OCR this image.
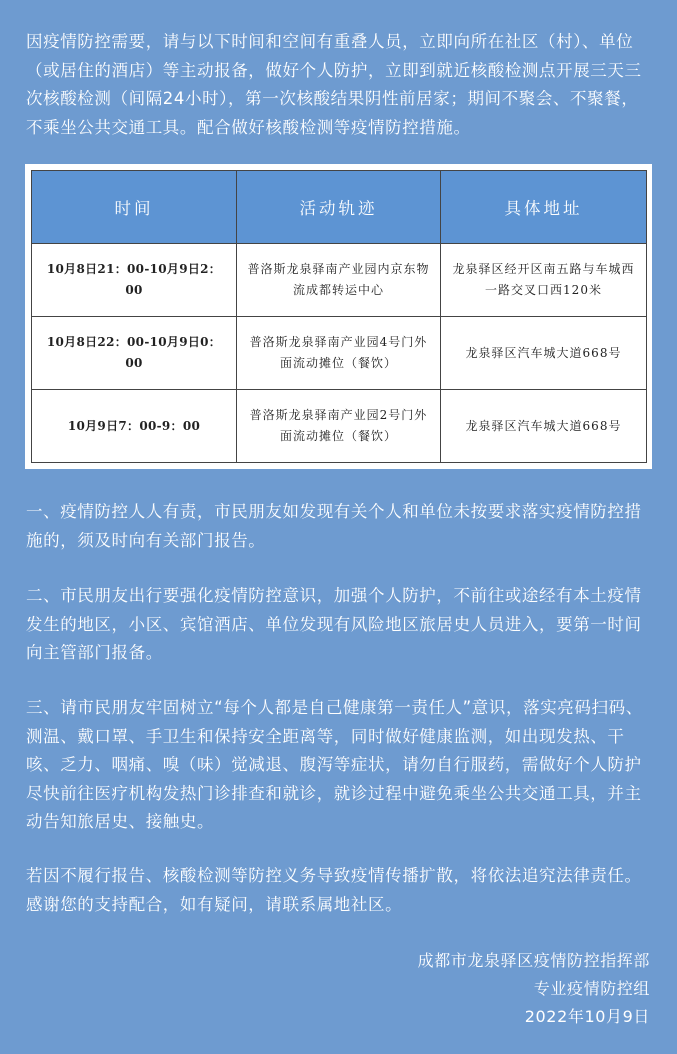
因疫情防控需要，请与以下时间和空间有重叠人员，立即向所在社区（村）、单位（或居住的酒店）等主动报备，做好个人防护，立即到就近核酸检测点开展三天三次核酸检测（间隔24小时），第一次核酸结果阴性前居家；期间不聚会、不聚餐，不乘坐公共交通工具。配合做好核酸检测等疫情防控措施。

时间	活动轨迹	具体地址
10月8日21：00-10月9日2：00	普洛斯龙泉驿南产业园内京东物流成都转运中心	龙泉驿区经开区南五路与车城西一路交叉口西120米
10月8日22：00-10月9日0：00	普洛斯龙泉驿南产业园4号门外面流动摊位（餐饮）	龙泉驿区汽车城大道668号
10月9日7：00-9：00	普洛斯龙泉驿南产业园2号门外面流动摊位（餐饮）	龙泉驿区汽车城大道668号

一、疫情防控人人有责，市民朋友如发现有关个人和单位未按要求落实疫情防控措施的，须及时向有关部门报告。

二、市民朋友出行要强化疫情防控意识，加强个人防护，不前往或途经有本土疫情发生的地区，小区、宾馆酒店、单位发现有风险地区旅居史人员进入，要第一时间向主管部门报备。

三、请市民朋友牢固树立“每个人都是自己健康第一责任人”意识，落实亮码扫码、测温、戴口罩、手卫生和保持安全距离等，同时做好健康监测，如出现发热、干咳、乏力、咽痛、嗅（味）觉减退、腹泻等症状，请勿自行服药，需做好个人防护尽快前往医疗机构发热门诊排查和就诊，就诊过程中避免乘坐公共交通工具，并主动告知旅居史、接触史。

若因不履行报告、核酸检测等防控义务导致疫情传播扩散，将依法追究法律责任。感谢您的支持配合，如有疑问，请联系属地社区。

成都市龙泉驿区疫情防控指挥部

专业疫情防控组

2022年10月9日
